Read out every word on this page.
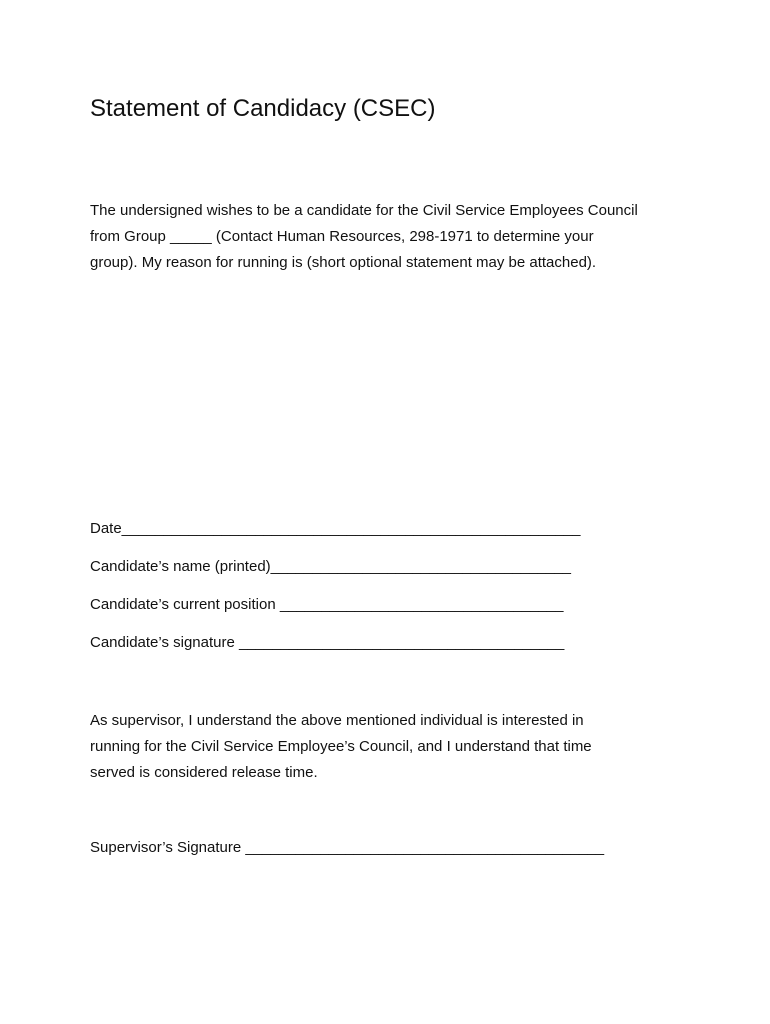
Statement of Candidacy (CSEC)
The undersigned wishes to be a candidate for the Civil Service Employees Council
from Group _____ (Contact Human Resources, 298-1971 to determine your
group). My reason for running is (short optional statement may be attached).
Date_______________________________________________________
Candidate’s name (printed)____________________________________
Candidate’s current position __________________________________
Candidate’s signature _______________________________________
As supervisor, I understand the above mentioned individual is interested in
running for the Civil Service Employee’s Council, and I understand that time
served is considered release time.
Supervisor’s Signature ___________________________________________
